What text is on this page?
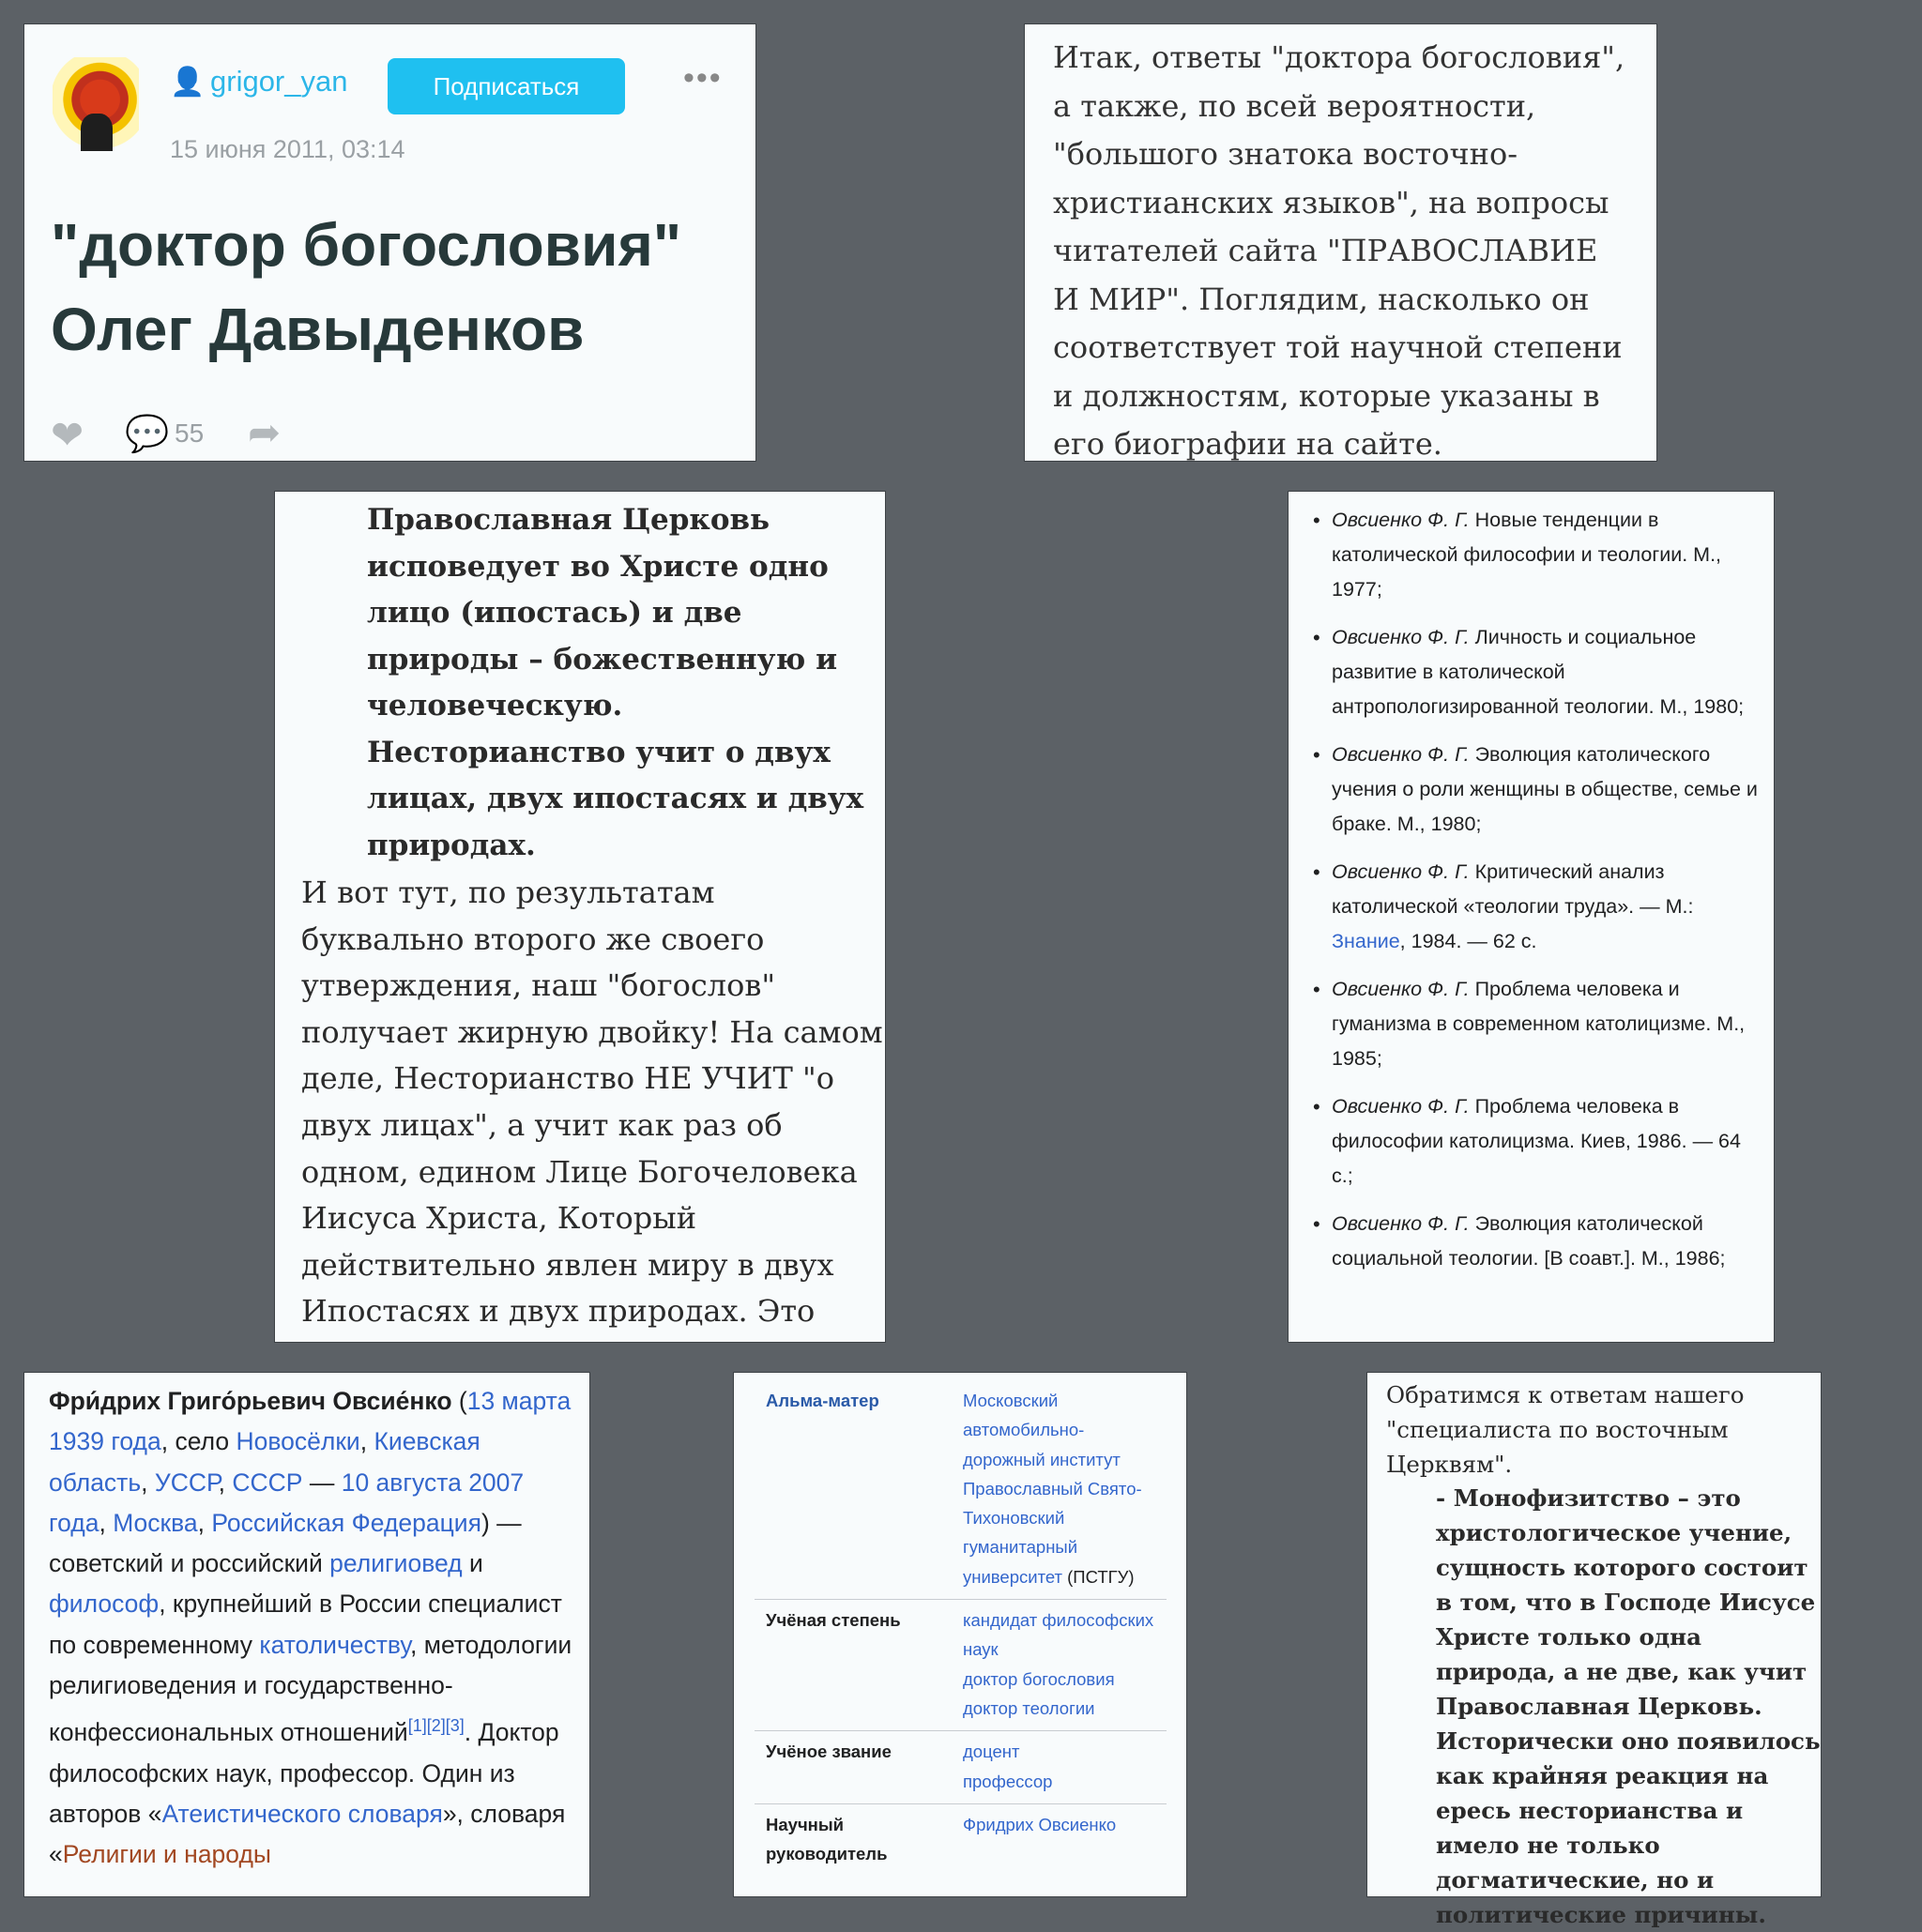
👤 grigor_yan	Подписаться	•••
15 июня 2011, 03:14
"доктор богословия" Олег Давыденков
❤ 💬 55 ➦

Итак, ответы "доктора богословия", а также, по всей вероятности, "большого знатока восточно-христианских языков", на вопросы читателей сайта "ПРАВОСЛАВИЕ И МИР". Поглядим, насколько он соответствует той научной степени и должностям, которые указаны в его биографии на сайте.

Православная Церковь исповедует во Христе одно лицо (ипостась) и две природы – божественную и человеческую. Несторианство учит о двух лицах, двух ипостасях и двух природах.

И вот тут, по результатам буквально второго же своего утверждения, наш "богослов" получает жирную двойку! На самом деле, Несторианство НЕ УЧИТ "о двух лицах", а учит как раз об одном, едином Лице Богочеловека Иисуса Христа, Который действительно явлен миру в двух Ипостасях и двух природах. Это

• Овсиенко Ф. Г. Новые тенденции в католической философии и теологии. М., 1977;
• Овсиенко Ф. Г. Личность и социальное развитие в католической антропологизированной теологии. М., 1980;
• Овсиенко Ф. Г. Эволюция католического учения о роли женщины в обществе, семье и браке. М., 1980;
• Овсиенко Ф. Г. Критический анализ католической «теологии труда». — М.: Знание, 1984. — 62 с.
• Овсиенко Ф. Г. Проблема человека и гуманизма в современном католицизме. М., 1985;
• Овсиенко Ф. Г. Проблема человека в философии католицизма. Киев, 1986. — 64 с.;
• Овсиенко Ф. Г. Эволюция католической социальной теологии. [В соавт.]. М., 1986;

Фри́дрих Григо́рьевич Овсие́нко (13 марта 1939 года, село Новосёлки, Киевская область, УССР, СССР — 10 августа 2007 года, Москва, Российская Федерация) — советский и российский религиовед и философ, крупнейший в России специалист по современному католичеству, методологии религиоведения и государственно-конфессиональных отношений[1][2][3]. Доктор философских наук, профессор. Один из авторов «Атеистического словаря», словаря «Религии и народы

Альма-матер	Московский автомобильно-дорожный институт
Православный Свято-Тихоновский гуманитарный университет (ПСТГУ)
Учёная степень	кандидат философских наук
доктор богословия
доктор теологии
Учёное звание	доцент
профессор
Научный руководитель	Фридрих Овсиенко

Обратимся к ответам нашего "специалиста по восточным Церквям".

- Монофизитство – это христологическое учение, сущность которого состоит в том, что в Господе Иисусе Христе только одна природа, а не две, как учит Православная Церковь. Исторически оно появилось как крайняя реакция на ересь несторианства и имело не только догматические, но и политические причины.
